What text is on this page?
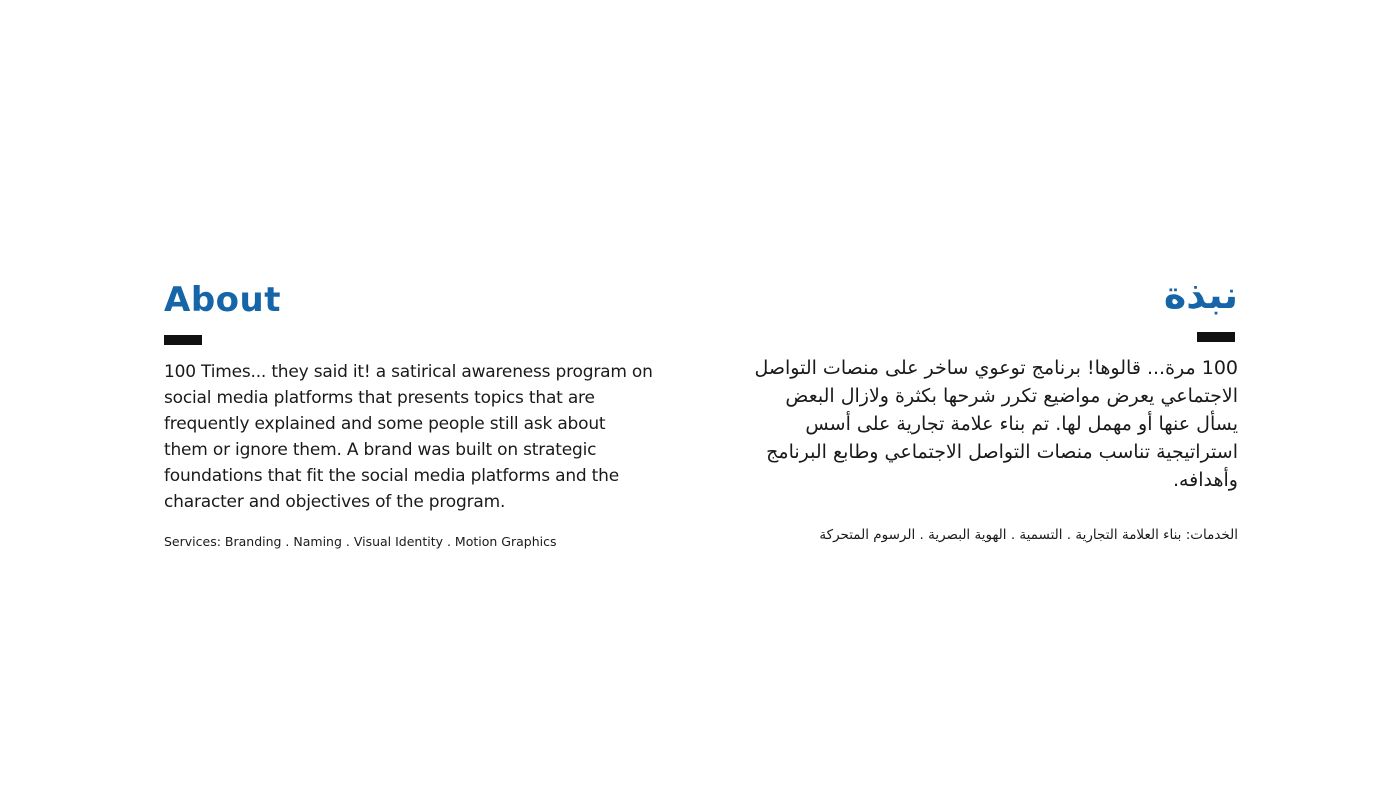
About

100 Times... they said it! a satirical awareness program on social media platforms that presents topics that are frequently explained and some people still ask about them or ignore them. A brand was built on strategic foundations that fit the social media platforms and the character and objectives of the program.

Services: Branding . Naming . Visual Identity . Motion Graphics

نبذة

100 مرة... قالوها! برنامج توعوي ساخر على منصات التواصل الاجتماعي يعرض مواضيع تكرر شرحها بكثرة ولازال البعض يسأل عنها أو مهمل لها. تم بناء علامة تجارية على أسس استراتيجية تناسب منصات التواصل الاجتماعي وطابع البرنامج وأهدافه.

الخدمات: بناء العلامة التجارية . التسمية . الهوية البصرية . الرسوم المتحركة
